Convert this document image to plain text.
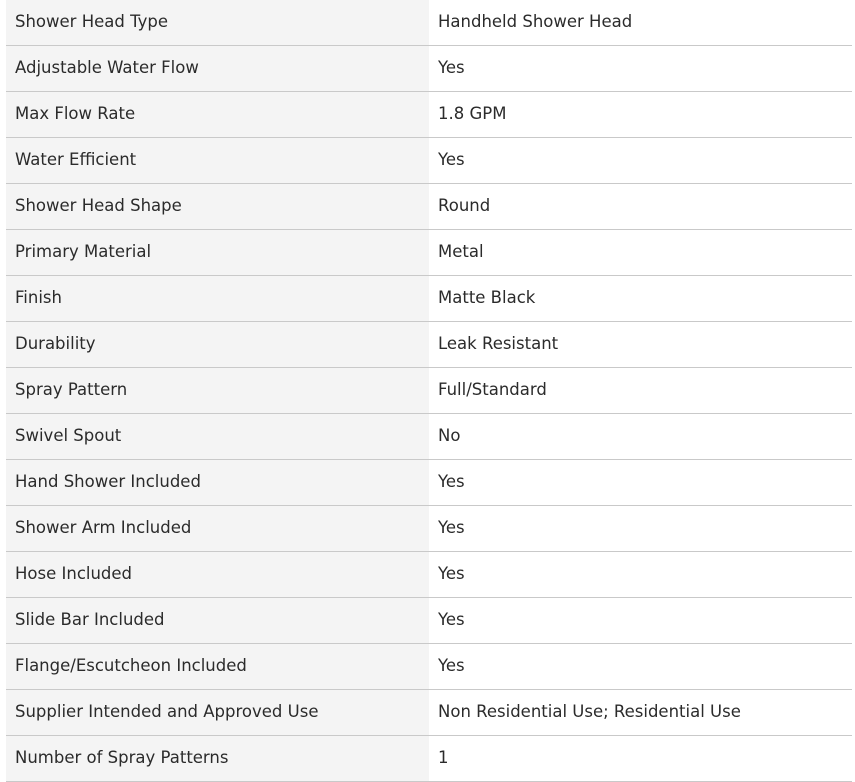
Shower Head Type	Handheld Shower Head
Adjustable Water Flow	Yes
Max Flow Rate	1.8 GPM
Water Efficient	Yes
Shower Head Shape	Round
Primary Material	Metal
Finish	Matte Black
Durability	Leak Resistant
Spray Pattern	Full/Standard
Swivel Spout	No
Hand Shower Included	Yes
Shower Arm Included	Yes
Hose Included	Yes
Slide Bar Included	Yes
Flange/Escutcheon Included	Yes
Supplier Intended and Approved Use	Non Residential Use; Residential Use
Number of Spray Patterns	1
